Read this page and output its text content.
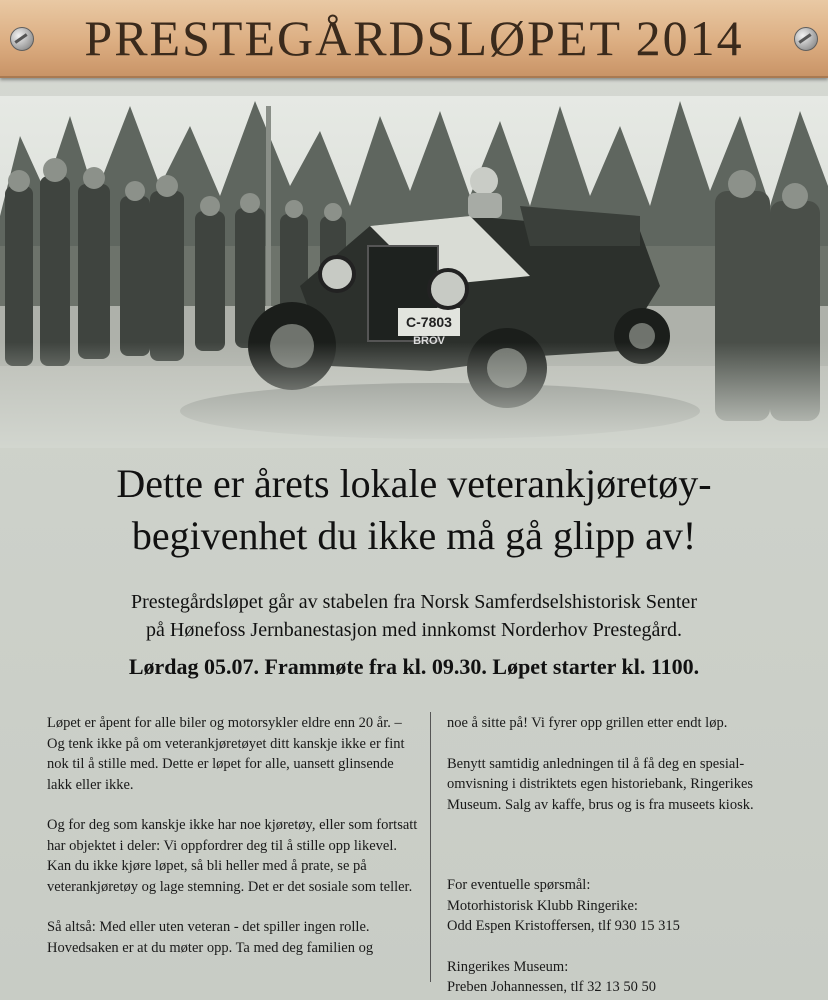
PRESTEGÅRDSLØPET 2014
Dette er årets lokale veterankjøretøy-
begivenhet du ikke må gå glipp av!
Prestegårdsløpet går av stabelen fra Norsk Samferdselshistorisk Senter
på Hønefoss Jernbanestasjon med innkomst Norderhov Prestegård.
Lørdag 05.07. Frammøte fra kl. 09.30. Løpet starter kl. 1100.

Løpet er åpent for alle biler og motorsykler eldre enn 20 år. – Og tenk ikke på om veterankjøretøyet ditt kanskje ikke er fint nok til å stille med. Dette er løpet for alle, uansett glinsende lakk eller ikke.

Og for deg som kanskje ikke har noe kjøretøy, eller som fortsatt har objektet i deler: Vi oppfordrer deg til å stille opp likevel. Kan du ikke kjøre løpet, så bli heller med å prate, se på veterankjøretøy og lage stemning. Det er det sosiale som teller.

Så altså: Med eller uten veteran - det spiller ingen rolle. Hovedsaken er at du møter opp. Ta med deg familien og

noe å sitte på! Vi fyrer opp grillen etter endt løp.

Benytt samtidig anledningen til å få deg en spesial-omvisning i distriktets egen historiebank, Ringerikes Museum. Salg av kaffe, brus og is fra museets kiosk.

For eventuelle spørsmål:
Motorhistorisk Klubb Ringerike:
Odd Espen Kristoffersen, tlf 930 15 315
Ringerikes Museum:
Preben Johannessen, tlf 32 13 50 50
